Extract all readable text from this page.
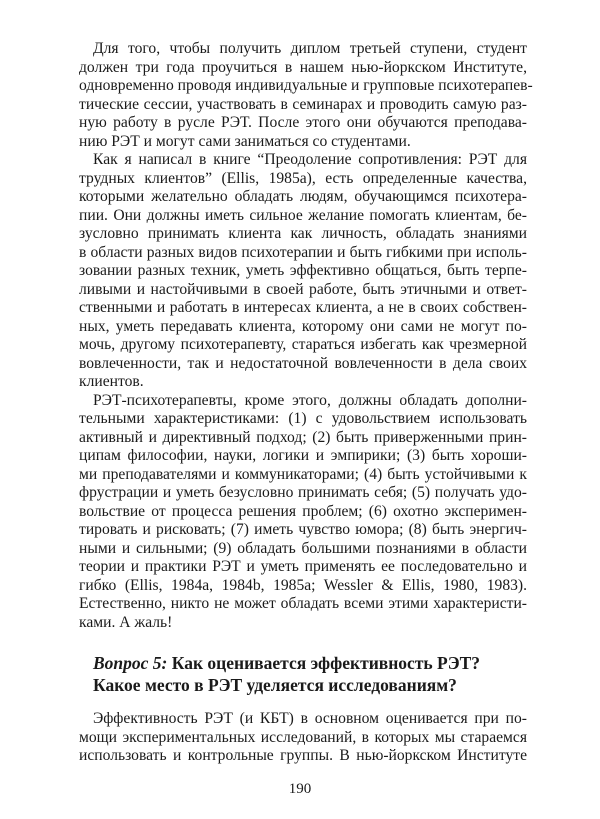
Для того, чтобы получить диплом третьей ступени, студент
должен три года проучиться в нашем нью-йоркском Институте,
одновременно проводя индивидуальные и групповые психотерапев-
тические сессии, участвовать в семинарах и проводить самую раз-
ную работу в русле РЭТ. После этого они обучаются преподава-
нию РЭТ и могут сами заниматься со студентами.
Как я написал в книге “Преодоление сопротивления: РЭТ для
трудных клиентов” (Ellis, 1985a), есть определенные качества,
которыми желательно обладать людям, обучающимся психотера-
пии. Они должны иметь сильное желание помогать клиентам, бе-
зусловно принимать клиента как личность, обладать знаниями
в области разных видов психотерапии и быть гибкими при исполь-
зовании разных техник, уметь эффективно общаться, быть терпе-
ливыми и настойчивыми в своей работе, быть этичными и ответ-
ственными и работать в интересах клиента, а не в своих собствен-
ных, уметь передавать клиента, которому они сами не могут по-
мочь, другому психотерапевту, стараться избегать как чрезмерной
вовлеченности, так и недостаточной вовлеченности в дела своих
клиентов.
РЭТ-психотерапевты, кроме этого, должны обладать дополни-
тельными характеристиками: (1) с удовольствием использовать
активный и директивный подход; (2) быть приверженными прин-
ципам философии, науки, логики и эмпирики; (3) быть хороши-
ми преподавателями и коммуникаторами; (4) быть устойчивыми к
фрустрации и уметь безусловно принимать себя; (5) получать удо-
вольствие от процесса решения проблем; (6) охотно эксперимен-
тировать и рисковать; (7) иметь чувство юмора; (8) быть энергич-
ными и сильными; (9) обладать большими познаниями в области
теории и практики РЭТ и уметь применять ее последовательно и
гибко (Ellis, 1984a, 1984b, 1985a; Wessler & Ellis, 1980, 1983).
Естественно, никто не может обладать всеми этими характеристи-
ками. А жаль!
Вопрос 5: Как оценивается эффективность РЭТ?
Какое место в РЭТ уделяется исследованиям?
Эффективность РЭТ (и КБТ) в основном оценивается при по-
мощи экспериментальных исследований, в которых мы стараемся
использовать и контрольные группы. В нью-йоркском Институте
190
